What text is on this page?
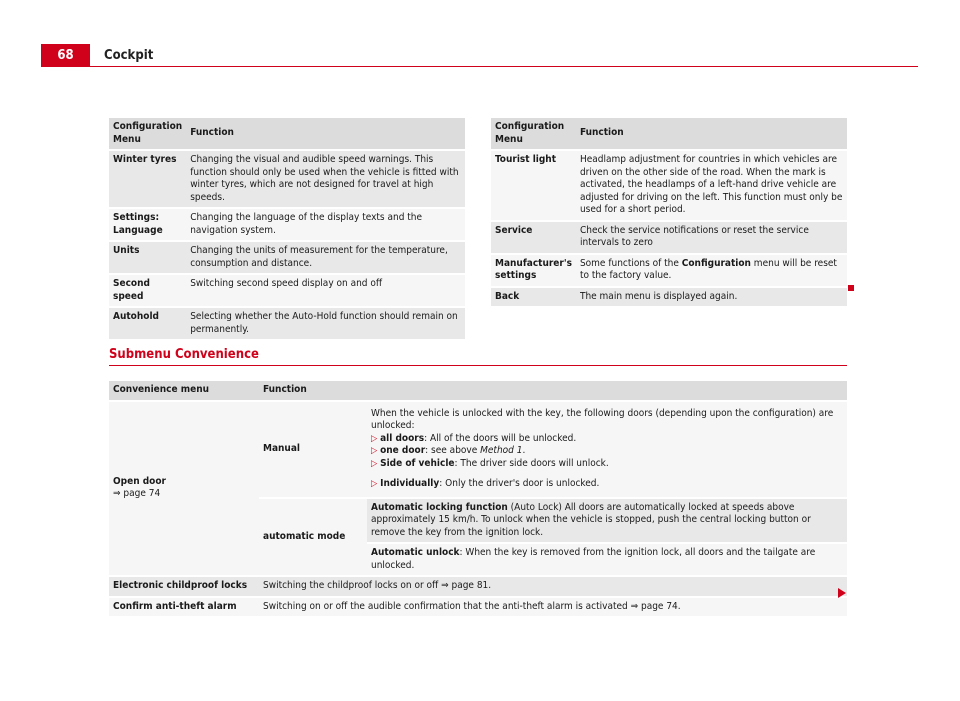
68	Cockpit
Configuration Menu	Function
Winter tyres	Changing the visual and audible speed warnings. This function should only be used when the vehicle is fitted with winter tyres, which are not designed for travel at high speeds.
Settings: Language	Changing the language of the display texts and the navigation system.
Units	Changing the units of measurement for the temperature, consumption and distance.
Second speed	Switching second speed display on and off
Autohold	Selecting whether the Auto-Hold function should remain on permanently.
Configuration Menu	Function
Tourist light	Headlamp adjustment for countries in which vehicles are driven on the other side of the road. When the mark is activated, the headlamps of a left-hand drive vehicle are adjusted for driving on the left. This function must only be used for a short period.
Service	Check the service notifications or reset the service intervals to zero
Manufacturer's settings	Some functions of the Configuration menu will be reset to the factory value.
Back	The main menu is displayed again.
Submenu Convenience
Convenience menu	Function	

Open door
⇒ page 74	Manual	When the vehicle is unlocked with the key, the following doors (depending upon the configuration) are unlocked:
▷ all doors: All of the doors will be unlocked.
▷ one door: see above Method 1.
▷ Side of vehicle: The driver side doors will unlock.
▷ Individually: Only the driver's door is unlocked.

	automatic mode	Automatic locking function (Auto Lock) All doors are automatically locked at speeds above approximately 15 km/h. To unlock when the vehicle is stopped, push the central locking button or remove the key from the ignition lock.
		Automatic unlock: When the key is removed from the ignition lock, all doors and the tailgate are unlocked.
Electronic childproof locks	Switching the childproof locks on or off ⇒ page 81.	
Confirm anti-theft alarm	Switching on or off the audible confirmation that the anti-theft alarm is activated ⇒ page 74.	
